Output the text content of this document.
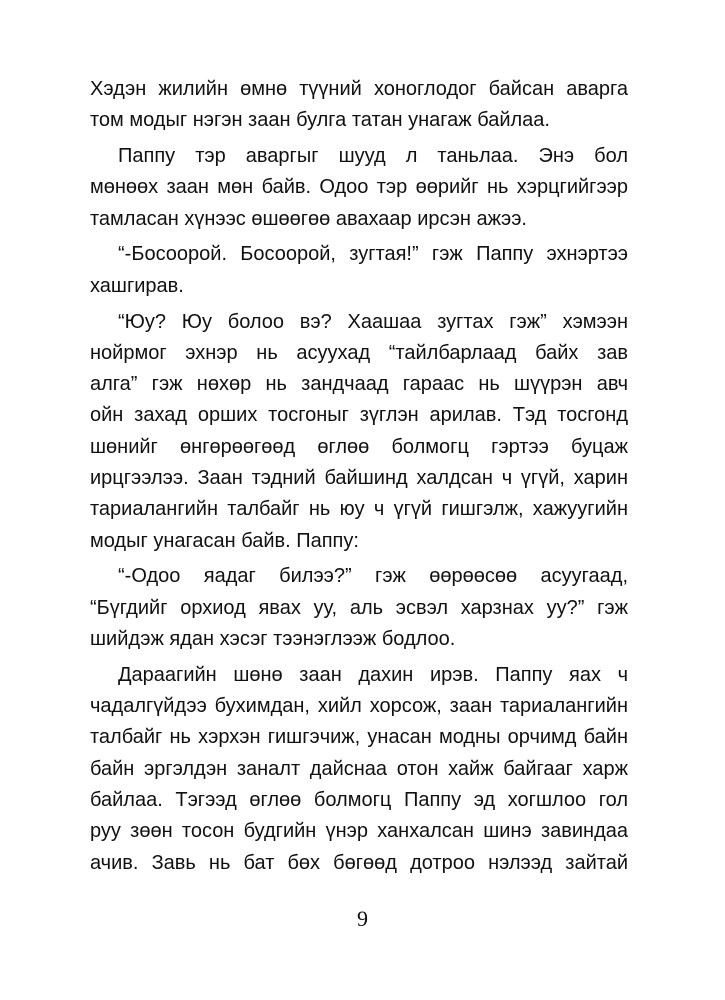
Хэдэн жилийн өмнө түүний хоноглодог байсан аварга
том модыг нэгэн заан булга татан унагаж байлаа.
Паппу тэр аваргыг шууд л таньлаа. Энэ бол
мөнөөх заан мөн байв. Одоо тэр өөрийг нь хэрцгийгээр
тамласан хүнээс өшөөгөө авахаар ирсэн ажээ.
“-Босоорой. Босоорой, зугтая!” гэж Паппу эхнэртээ
хашгирав.
“Юу? Юу болоо вэ? Хаашаа зугтах гэж” хэмээн
нойрмог эхнэр нь асуухад “тайлбарлаад байх зав
алга” гэж нөхөр нь зандчаад гараас нь шүүрэн авч
ойн захад орших тосгоныг зүглэн арилав. Тэд тосгонд
шөнийг өнгөрөөгөөд өглөө болмогц гэртээ буцаж
ирцгээлээ. Заан тэдний байшинд халдсан ч үгүй, харин
тариалангийн талбайг нь юу ч үгүй гишгэлж, хажуугийн
модыг унагасан байв. Паппу:
“-Одоо яадаг билээ?” гэж өөрөөсөө асуугаад,
“Бүгдийг орхиод явах уу, аль эсвэл харзнах уу?” гэж
шийдэж ядан хэсэг тээнэглээж бодлоо.
Дараагийн шөнө заан дахин ирэв. Паппу яах ч
чадалгүйдээ бухимдан, хийл хорсож, заан тариалангийн
талбайг нь хэрхэн гишгэчиж, унасан модны орчимд байн
байн эргэлдэн заналт дайснаа отон хайж байгааг харж
байлаа. Тэгээд өглөө болмогц Паппу эд хогшлоо гол
руу зөөн тосон будгийн үнэр ханхалсан шинэ завиндаа
ачив. Завь нь бат бөх бөгөөд дотроо нэлээд зайтай
9
